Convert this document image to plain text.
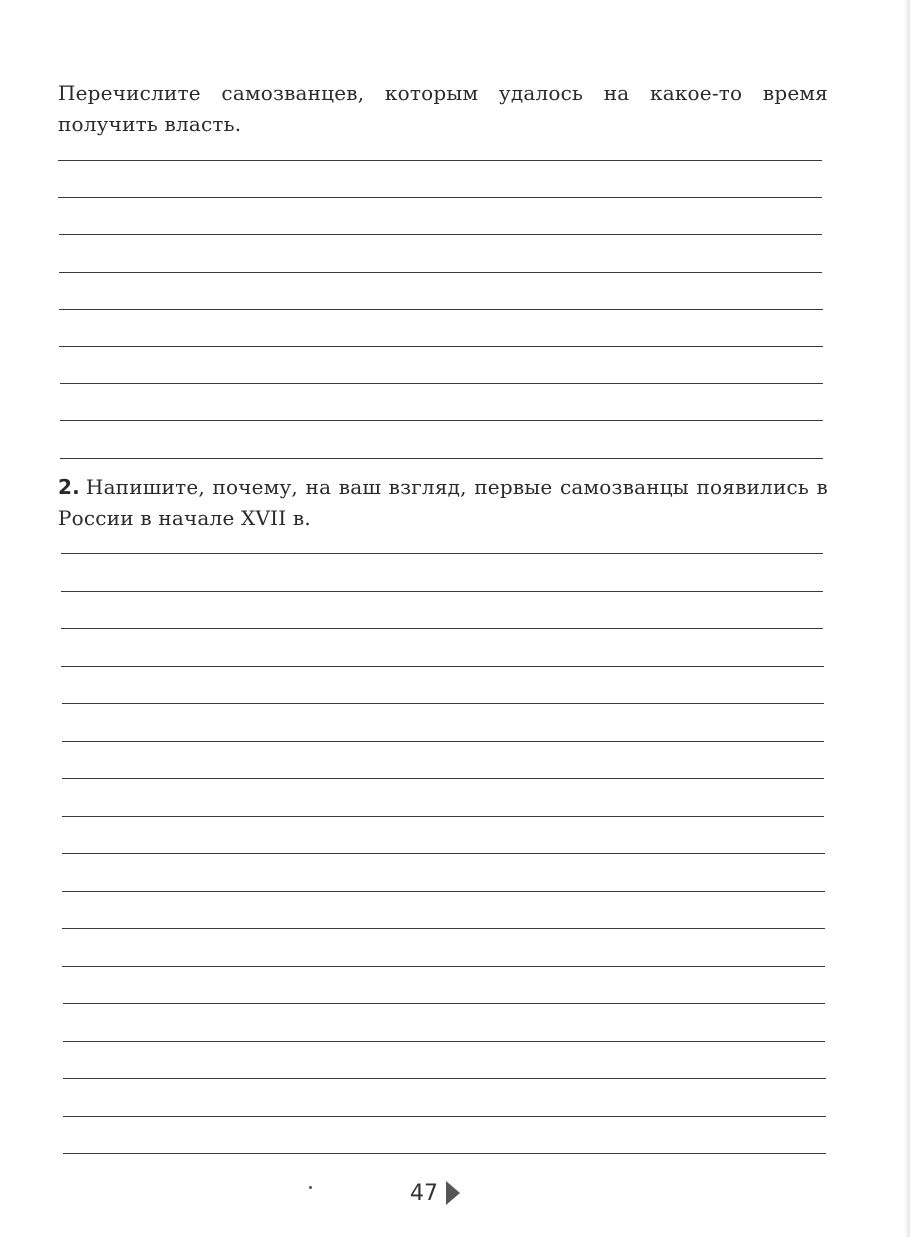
Перечислите самозванцев, которым удалось на какое-то время получить власть.

2. Напишите, почему, на ваш взгляд, первые самозванцы появились в России в начале XVII в.

47
